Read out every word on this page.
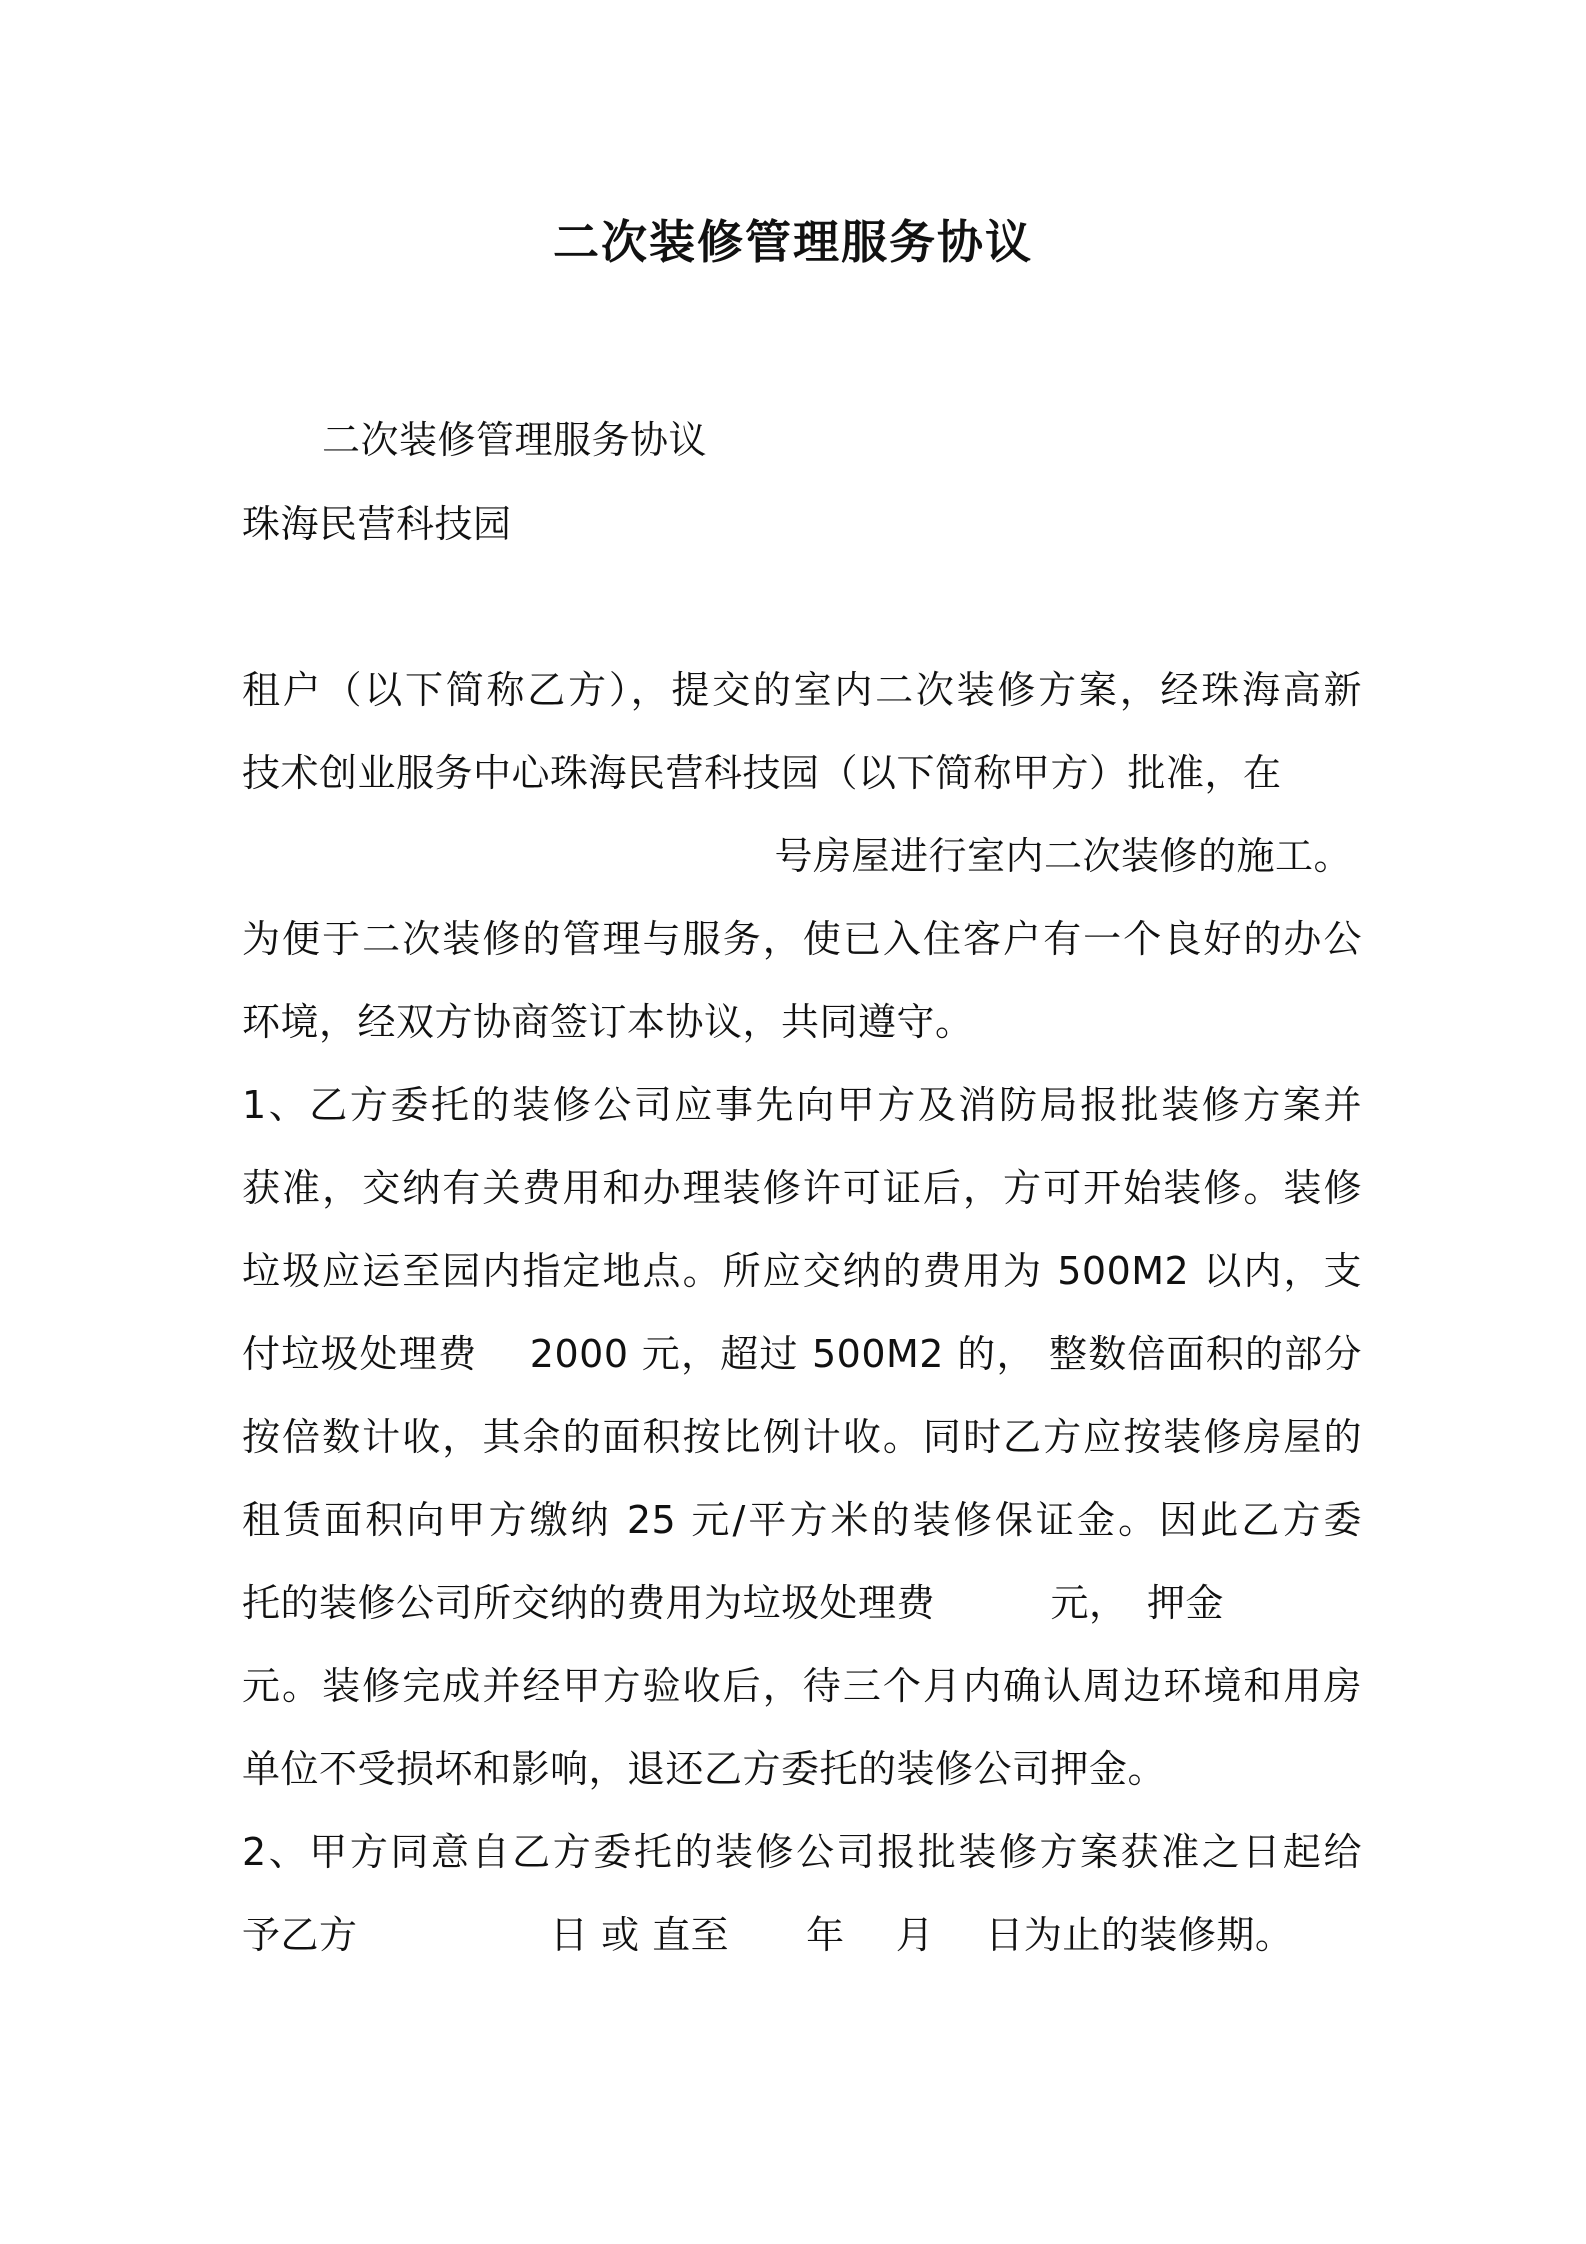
二次装修管理服务协议
二次装修管理服务协议
珠海民营科技园
租户（以下简称乙方），提交的室内二次装修方案，经珠海高新
技术创业服务中心珠海民营科技园（以下简称甲方）批准，在
号房屋进行室内二次装修的施工。
为便于二次装修的管理与服务，使已入住客户有一个良好的办公
环境，经双方协商签订本协议，共同遵守。
1、乙方委托的装修公司应事先向甲方及消防局报批装修方案并
获准，交纳有关费用和办理装修许可证后，方可开始装修。装修
垃圾应运至园内指定地点。所应交纳的费用为 500M2 以内，支
付垃圾处理费　 2000 元，超过 500M2 的， 整数倍面积的部分
按倍数计收，其余的面积按比例计收。同时乙方应按装修房屋的
租赁面积向甲方缴纳 25 元/平方米的装修保证金。因此乙方委
托的装修公司所交纳的费用为垃圾处理费　　　元，　押金
元。装修完成并经甲方验收后，待三个月内确认周边环境和用房
单位不受损坏和影响，退还乙方委托的装修公司押金。
2、甲方同意自乙方委托的装修公司报批装修方案获准之日起给
予乙方　　　　　日 或 直至　　年　 月　 日为止的装修期。
